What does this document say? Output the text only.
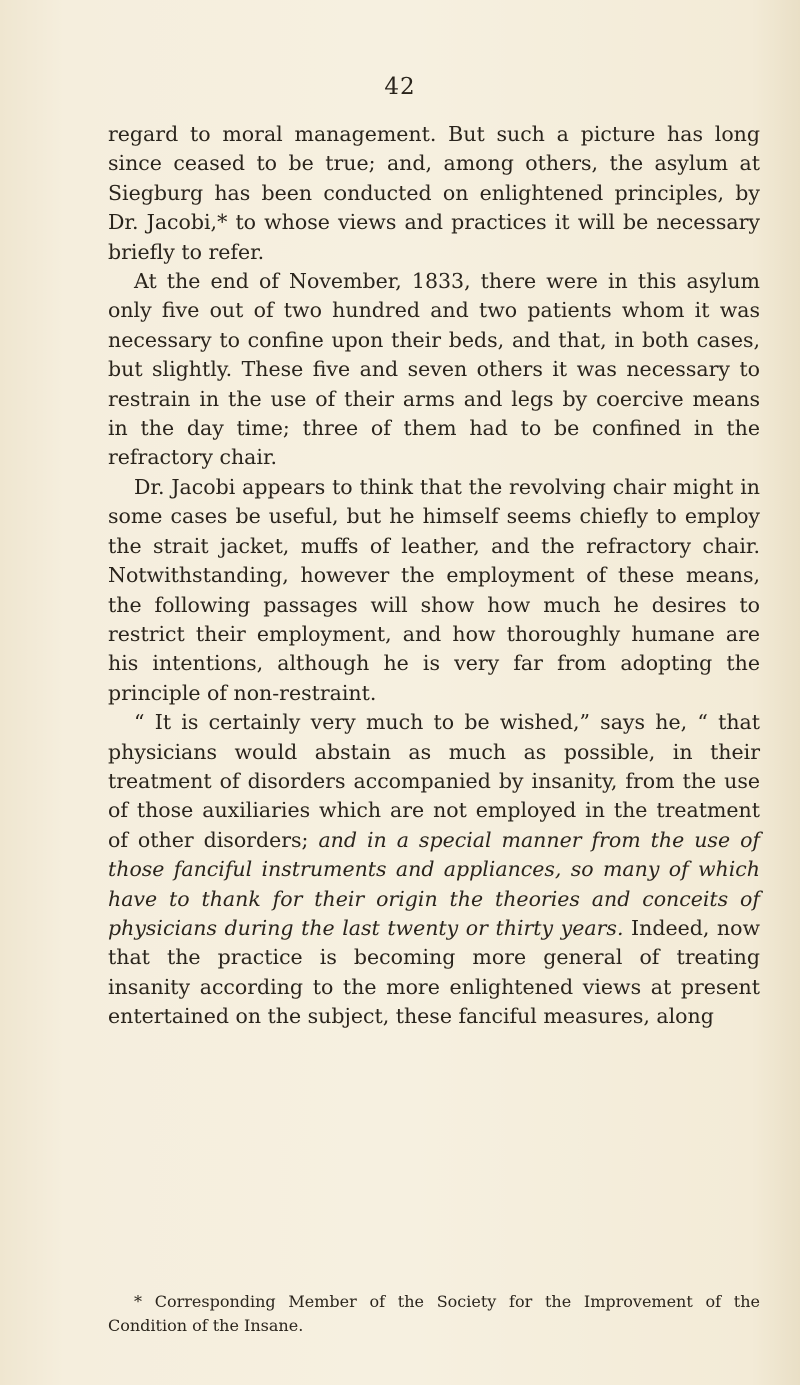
42

regard to moral management. But such a picture has long since ceased to be true; and, among others, the asylum at Siegburg has been conducted on enlightened principles, by Dr. Jacobi,* to whose views and practices it will be necessary briefly to refer.

At the end of November, 1833, there were in this asylum only five out of two hundred and two patients whom it was necessary to confine upon their beds, and that, in both cases, but slightly. These five and seven others it was necessary to restrain in the use of their arms and legs by coercive means in the day time; three of them had to be confined in the refractory chair.

Dr. Jacobi appears to think that the revolving chair might in some cases be useful, but he himself seems chiefly to employ the strait jacket, muffs of leather, and the refractory chair. Notwithstanding, however the employment of these means, the following passages will show how much he desires to restrict their employment, and how thoroughly humane are his intentions, although he is very far from adopting the principle of non-restraint.

“ It is certainly very much to be wished,” says he, “ that physicians would abstain as much as possible, in their treatment of disorders accompanied by insanity, from the use of those auxiliaries which are not employed in the treatment of other disorders; and in a special manner from the use of those fanciful instruments and appliances, so many of which have to thank for their origin the theories and conceits of physicians during the last twenty or thirty years. Indeed, now that the practice is becoming more general of treating insanity according to the more enlightened views at present entertained on the subject, these fanciful measures, along

* Corresponding Member of the Society for the Improvement of the Condition of the Insane.
